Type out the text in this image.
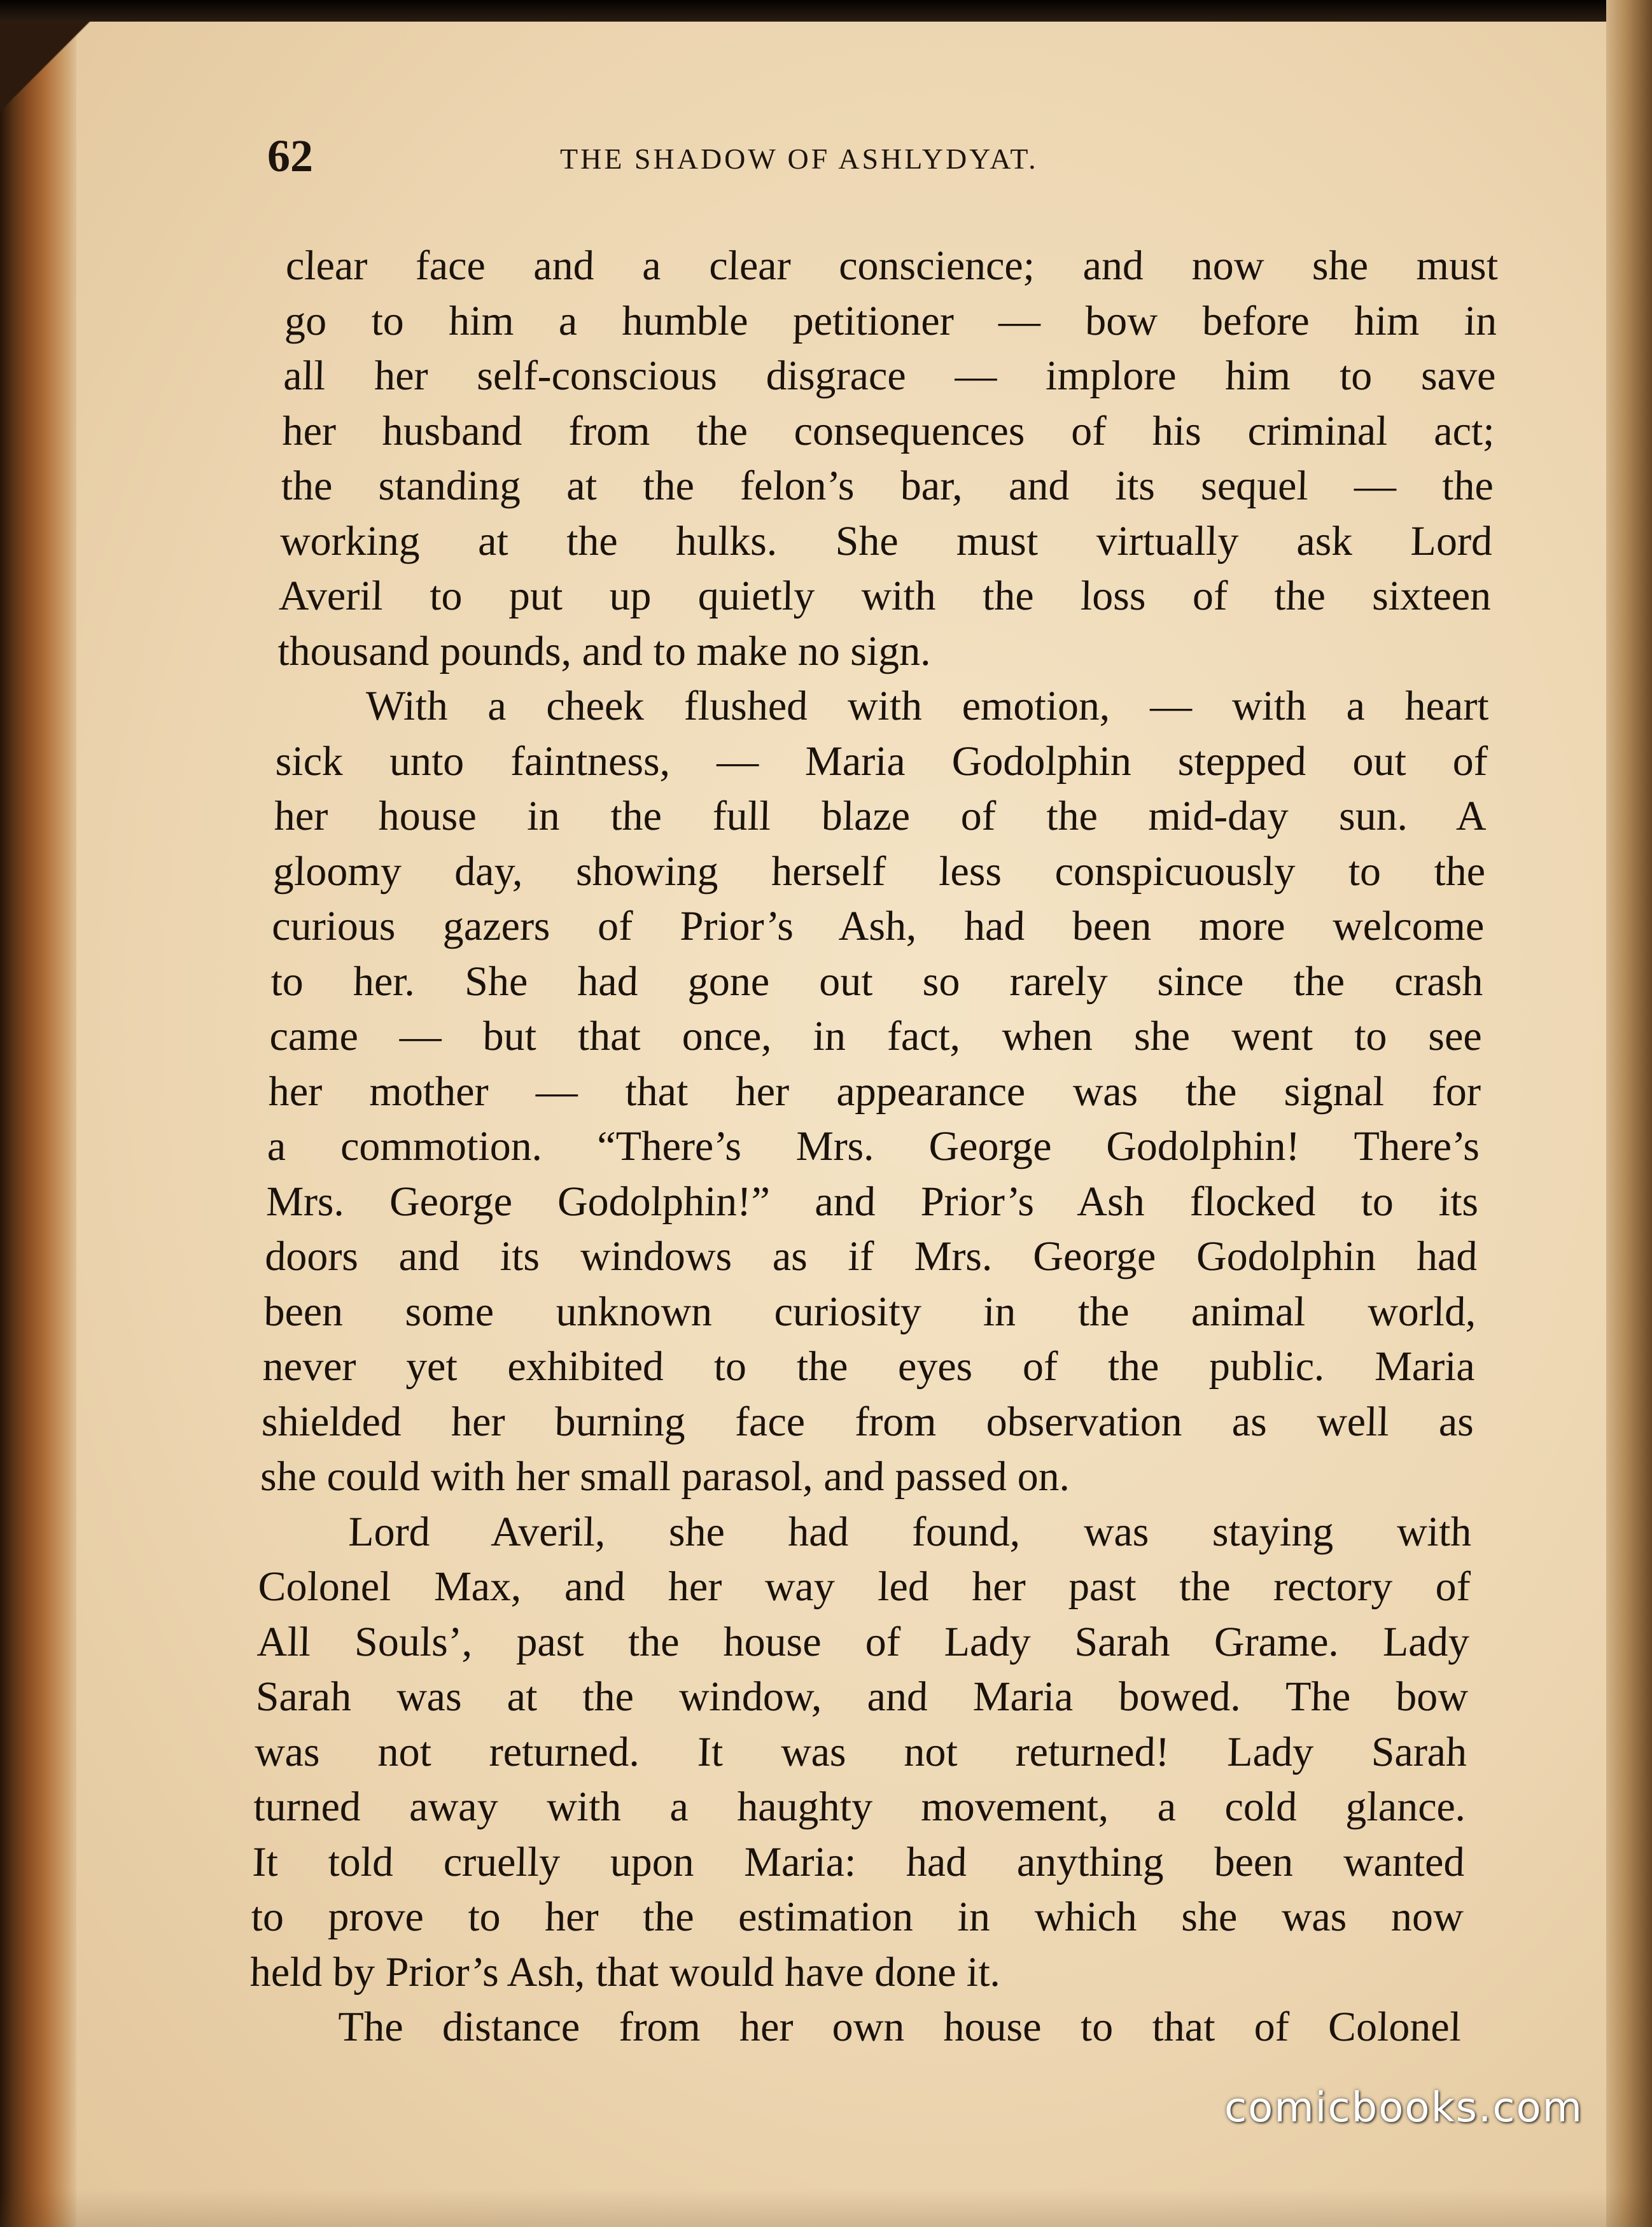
62	THE SHADOW OF ASHLYDYAT.
clear face and a clear conscience; and now she must
go to him a humble petitioner — bow before him in
all her self-conscious disgrace — implore him to save
her husband from the consequences of his criminal act;
the standing at the felon’s bar, and its sequel — the
working at the hulks. She must virtually ask Lord
Averil to put up quietly with the loss of the sixteen
thousand pounds, and to make no sign.
With a cheek flushed with emotion, — with a heart
sick unto faintness, — Maria Godolphin stepped out of
her house in the full blaze of the mid-day sun. A
gloomy day, showing herself less conspicuously to the
curious gazers of Prior’s Ash, had been more welcome
to her. She had gone out so rarely since the crash
came — but that once, in fact, when she went to see
her mother — that her appearance was the signal for
a commotion. “There’s Mrs. George Godolphin! There’s
Mrs. George Godolphin!” and Prior’s Ash flocked to its
doors and its windows as if Mrs. George Godolphin had
been some unknown curiosity in the animal world,
never yet exhibited to the eyes of the public. Maria
shielded her burning face from observation as well as
she could with her small parasol, and passed on.
Lord Averil, she had found, was staying with
Colonel Max, and her way led her past the rectory of
All Souls’, past the house of Lady Sarah Grame. Lady
Sarah was at the window, and Maria bowed. The bow
was not returned. It was not returned! Lady Sarah
turned away with a haughty movement, a cold glance.
It told cruelly upon Maria: had anything been wanted
to prove to her the estimation in which she was now
held by Prior’s Ash, that would have done it.
The distance from her own house to that of Colonel
comicbooks.com
